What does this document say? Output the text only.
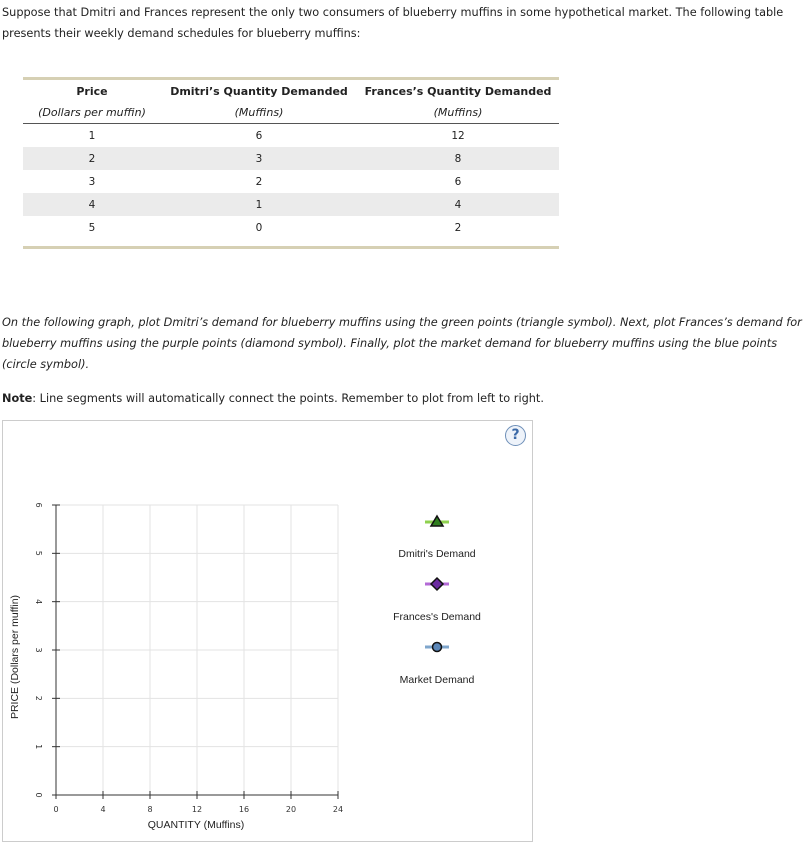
Suppose that Dmitri and Frances represent the only two consumers of blueberry muffins in some hypothetical market. The following table presents their weekly demand schedules for blueberry muffins:

Price	Dmitri’s Quantity Demanded	Frances’s Quantity Demanded
(Dollars per muffin)	(Muffins)	(Muffins)
1	6	12
2	3	8
3	2	6
4	1	4
5	0	2

On the following graph, plot Dmitri’s demand for blueberry muffins using the green points (triangle symbol). Next, plot Frances’s demand for blueberry muffins using the purple points (diamond symbol). Finally, plot the market demand for blueberry muffins using the blue points (circle symbol).

Note: Line segments will automatically connect the points. Remember to plot from left to right.

?
0	4	8	12	16	20	24
0
1
2
3
4
5
6
QUANTITY (Muffins)
PRICE (Dollars per muffin)
Dmitri's Demand
Frances's Demand
Market Demand
